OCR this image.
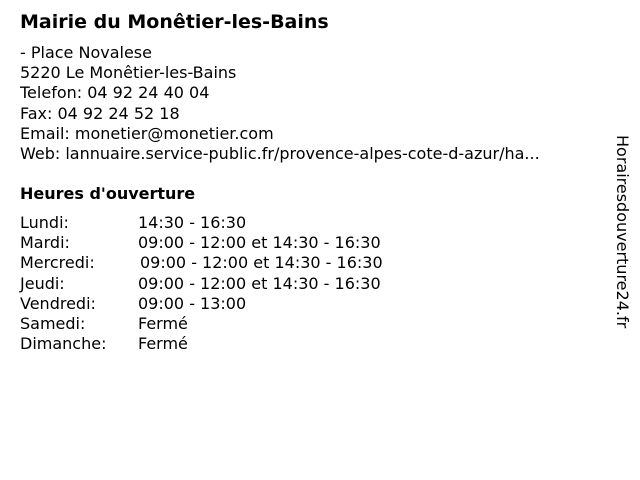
Mairie du Monêtier-les-Bains
- Place Novalese
5220 Le Monêtier-les-Bains
Telefon: 04 92 24 40 04
Fax: 04 92 24 52 18
Email: monetier@monetier.com
Web: lannuaire.service-public.fr/provence-alpes-cote-d-azur/ha...
Heures d'ouverture
Lundi:	14:30 - 16:30
Mardi:	09:00 - 12:00 et 14:30 - 16:30
Mercredi:	09:00 - 12:00 et 14:30 - 16:30
Jeudi:	09:00 - 12:00 et 14:30 - 16:30
Vendredi:	09:00 - 13:00
Samedi:	Fermé
Dimanche: Fermé
Horairesdouverture24.fr
